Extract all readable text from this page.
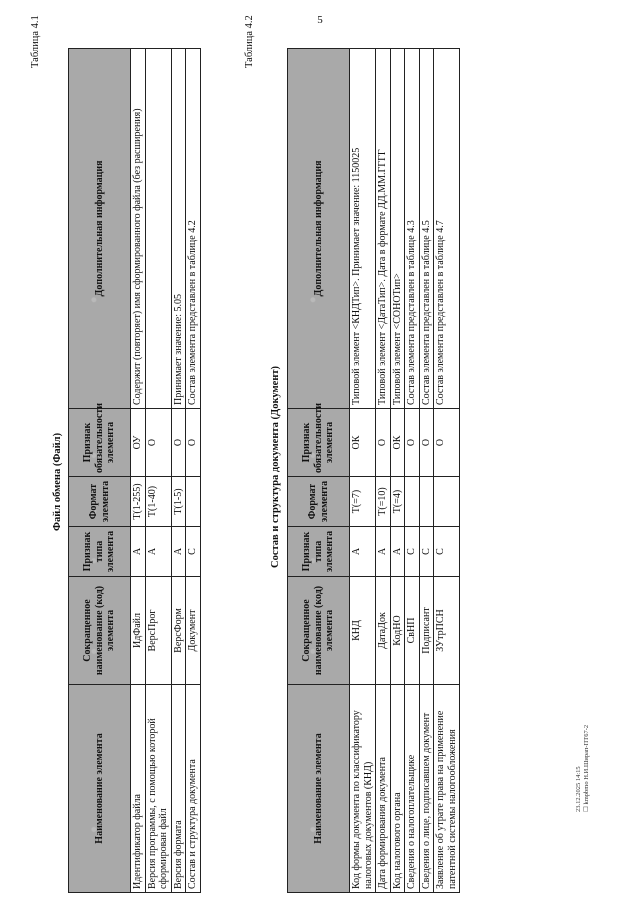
5
Таблица 4.1
Файл обмена (Файл)
Наименование элемента	Сокращенное наименование (код) элемента	Признак типа элемента	Формат элемента	Признак обязательности элемента	Дополнительная информация
Идентификатор файла	ИдФайл	А	T(1-255)	ОУ	Содержит (повторяет) имя сформированного файла (без расширения)
Версия программы, с помощью которой сформирован файл	ВерсПрог	А	T(1-40)	О	
Версия формата	ВерсФорм	А	T(1-5)	О	Принимает значение: 5.05
Состав и структура документа	Документ	С		О	Состав элемента представлен в таблице 4.2
Таблица 4.2
Состав и структура документа (Документ)
Наименование элемента	Сокращенное наименование (код) элемента	Признак типа элемента	Формат элемента	Признак обязательности элемента	Дополнительная информация
Код формы документа по классификатору налоговых документов (КНД)	КНД	А	T(=7)	ОК	Типовой элемент <КНДТип>. Принимает значение: 1150025
Дата формирования документа	ДатаДок	А	T(=10)	О	Типовой элемент <ДатаТип>. Дата в формате ДД.ММ.ГГГГ
Код налогового органа	КодНО	А	T(=4)	ОК	Типовой элемент <СОНОТип>
Сведения о налогоплательщике	СвНП	С		О	Состав элемента представлен в таблице 4.3
Сведения о лице, подписавшем документ	Подписант	С		О	Состав элемента представлен в таблице 4.5
Заявление об утрате права на применение патентной системы налогообложения	ЗУтрПСН	С		О	Состав элемента представлен в таблице 4.7
23.12.2025 14:15 ☐ kmpbmo Н.И.Ширап-ПТ67-2
